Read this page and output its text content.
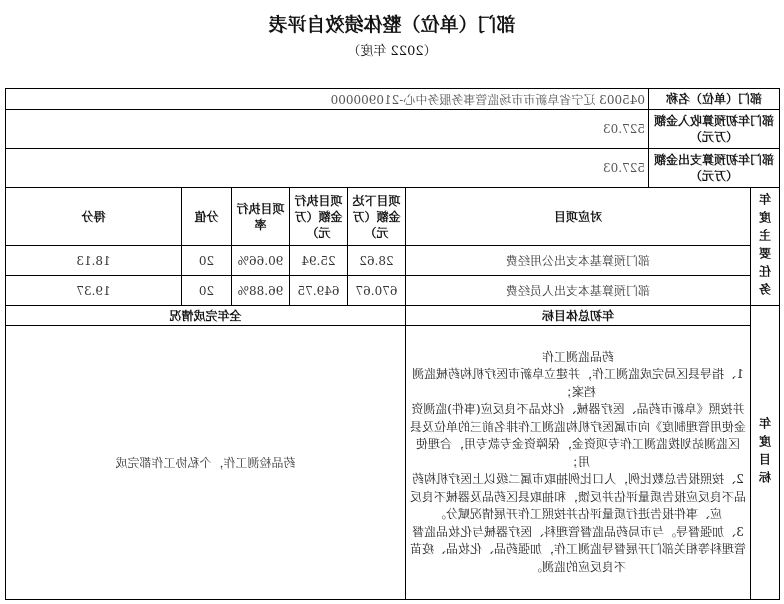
部门（单位）整体绩效自评表
（2022 年度）
部门（单位）名称		045003 辽宁省阜新市市场监管事务服务中心-210900000					
部门年初预算收入金额（万元）		527.03					
部门年初预算支出金额（万元）		527.03					
年度主要任务	对应项目		项目下达金额（万元）	项目执行金额（万元）	项目执行率	分值	得分
	部门预算基本支出公用经费		28.62	25.94	90.66%	20	18.13
	部门预算基本支出人员经费		670.67	649.75	96.88%	20	19.37
年度目标	年初总体目标		全年完成情况				

	药品监测工作
1、指导县区局完成监测工作，并建立阜新市医疗机构药械监测档案；
并按照《阜新市药品、医疗器械、化妆品不良反应(事件)监测资金使用管理制度》向市属医疗机构监测工作排名前三的单位及县区监测站划拨监测工作专项资金，保障资金专款专用，合理使用；
2、按照报告总数比例，人口比例抽取市属二级以上医疗机构药品不良反应报告质量评估并反馈，和抽取县区药品及器械不良反应、事件报告进行质量评估并按照工作开展情况赋分。
3、加强督导。与市局药品监督管理科、医疗器械与化妆品监督管理科等相关部门开展督导监测工作，加强药品、化妆品、疫苗不良反应的监测。		药品检测工作，个私协工作都完成				
